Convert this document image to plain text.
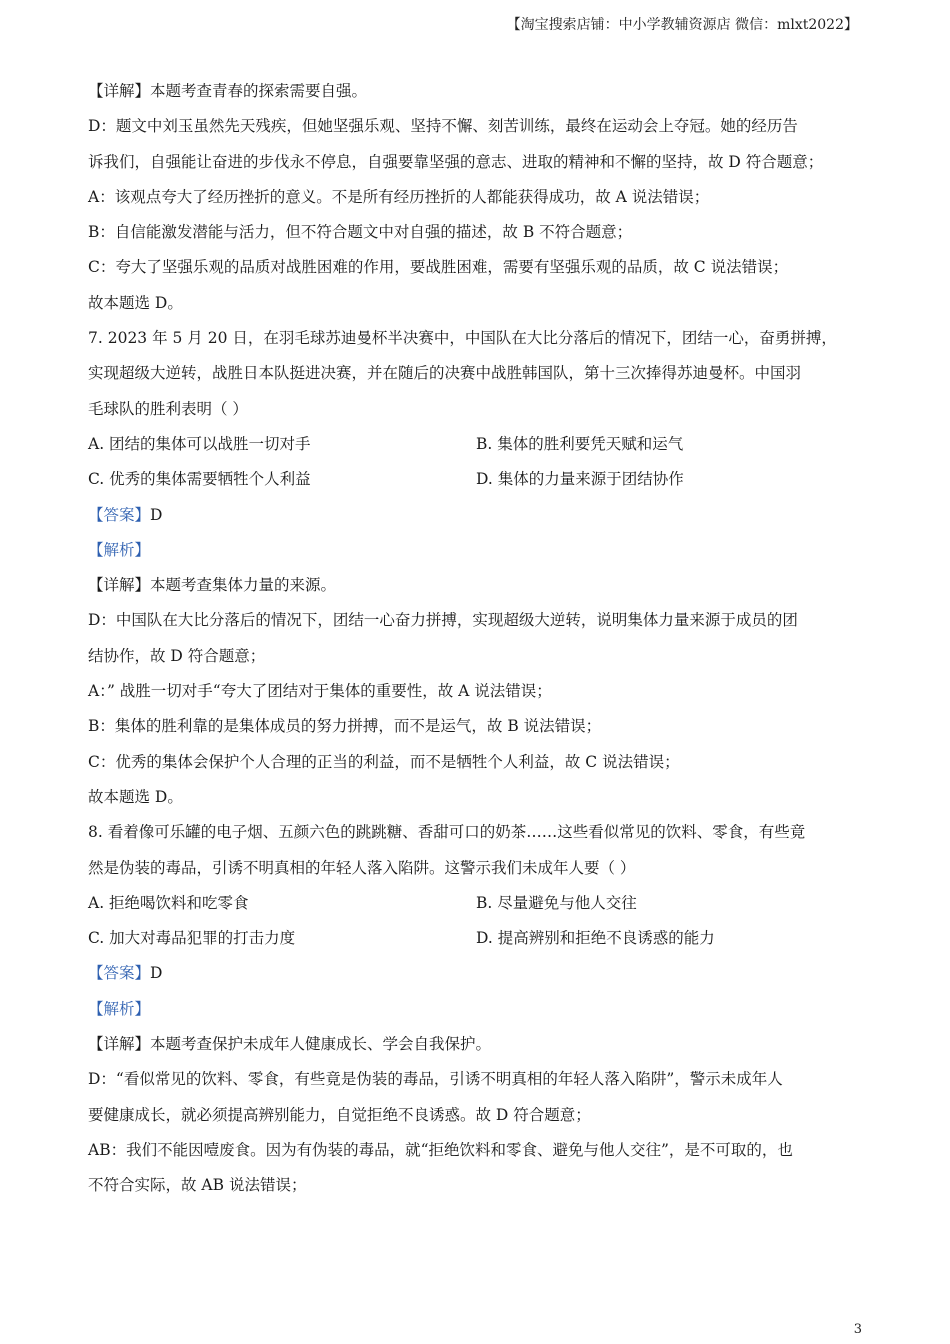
【淘宝搜索店铺：中小学教辅资源店 微信：mlxt2022】
【详解】本题考查青春的探索需要自强。
D：题文中刘玉虽然先天残疾，但她坚强乐观、坚持不懈、刻苦训练，最终在运动会上夺冠。她的经历告
诉我们，自强能让奋进的步伐永不停息，自强要靠坚强的意志、进取的精神和不懈的坚持，故 D 符合题意；
A：该观点夸大了经历挫折的意义。不是所有经历挫折的人都能获得成功，故 A 说法错误；
B：自信能激发潜能与活力，但不符合题文中对自强的描述，故 B 不符合题意；
C：夸大了坚强乐观的品质对战胜困难的作用，要战胜困难，需要有坚强乐观的品质，故 C 说法错误；
故本题选 D。
7. 2023 年 5 月 20 日，在羽毛球苏迪曼杯半决赛中，中国队在大比分落后的情况下，团结一心，奋勇拼搏，
实现超级大逆转，战胜日本队挺进决赛，并在随后的决赛中战胜韩国队，第十三次捧得苏迪曼杯。中国羽
毛球队的胜利表明（ ）
A. 团结的集体可以战胜一切对手	B. 集体的胜利要凭天赋和运气
C. 优秀的集体需要牺牲个人利益	D. 集体的力量来源于团结协作
【答案】D
【解析】
【详解】本题考查集体力量的来源。
D：中国队在大比分落后的情况下，团结一心奋力拼搏，实现超级大逆转，说明集体力量来源于成员的团
结协作，故 D 符合题意；
A：” 战胜一切对手“夸大了团结对于集体的重要性，故 A 说法错误；
B：集体的胜利靠的是集体成员的努力拼搏，而不是运气，故 B 说法错误；
C：优秀的集体会保护个人合理的正当的利益，而不是牺牲个人利益，故 C 说法错误；
故本题选 D。
8. 看着像可乐罐的电子烟、五颜六色的跳跳糖、香甜可口的奶茶……这些看似常见的饮料、零食，有些竟
然是伪装的毒品，引诱不明真相的年轻人落入陷阱。这警示我们未成年人要（ ）
A. 拒绝喝饮料和吃零食	B. 尽量避免与他人交往
C. 加大对毒品犯罪的打击力度	D. 提高辨别和拒绝不良诱惑的能力
【答案】D
【解析】
【详解】本题考查保护未成年人健康成长、学会自我保护。
D：“看似常见的饮料、零食，有些竟是伪装的毒品，引诱不明真相的年轻人落入陷阱”，警示未成年人
要健康成长，就必须提高辨别能力，自觉拒绝不良诱惑。故 D 符合题意；
AB：我们不能因噎废食。因为有伪装的毒品，就“拒绝饮料和零食、避免与他人交往”，是不可取的，也
不符合实际，故 AB 说法错误；
3
